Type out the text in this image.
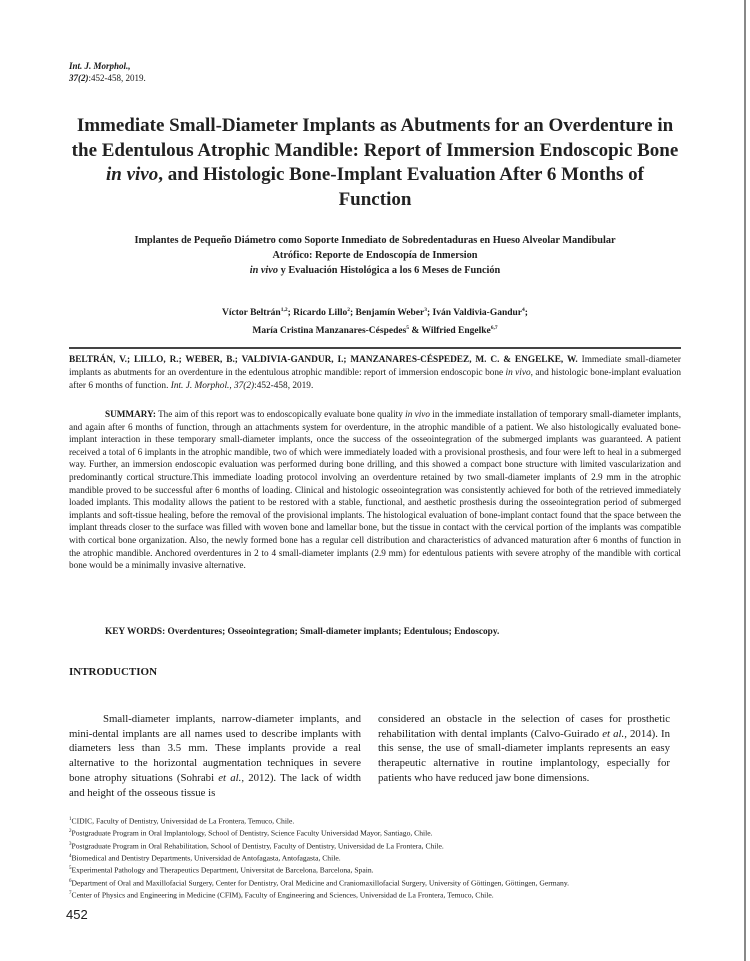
Int. J. Morphol.,
37(2):452-458, 2019.
Immediate Small-Diameter Implants as Abutments for an Overdenture in the Edentulous Atrophic Mandible: Report of Immersion Endoscopic Bone in vivo, and Histologic Bone-Implant Evaluation After 6 Months of Function
Implantes de Pequeño Diámetro como Soporte Inmediato de Sobredentaduras en Hueso Alveolar Mandibular Atrófico: Reporte de Endoscopía de Inmersion
in vivo y Evaluación Histológica a los 6 Meses de Función
Víctor Beltrán$^{1,2}$; Ricardo Lillo$^2$; Benjamín Weber$^3$; Iván Valdivia-Gandur$^4$;
María Cristina Manzanares-Céspedes$^5$ & Wilfried Engelke$^{6,7}$
BELTRÁN, V.; LILLO, R.; WEBER, B.; VALDIVIA-GANDUR, I.; MANZANARES-CÉSPEDEZ, M. C. & ENGELKE, W. Immediate small-diameter implants as abutments for an overdenture in the edentulous atrophic mandible: report of immersion endoscopic bone in vivo, and histologic bone-implant evaluation after 6 months of function. Int. J. Morphol., 37(2):452-458, 2019.
SUMMARY: The aim of this report was to endoscopically evaluate bone quality in vivo in the immediate installation of temporary small-diameter implants, and again after 6 months of function, through an attachments system for overdenture, in the atrophic mandible of a patient. We also histologically evaluated bone-implant interaction in these temporary small-diameter implants, once the success of the osseointegration of the submerged implants was guaranteed. A patient received a total of 6 implants in the atrophic mandible, two of which were immediately loaded with a provisional prosthesis, and four were left to heal in a submerged way. Further, an immersion endoscopic evaluation was performed during bone drilling, and this showed a compact bone structure with limited vascularization and predominantly cortical structure.This immediate loading protocol involving an overdenture retained by two small-diameter implants of 2.9 mm in the atrophic mandible proved to be successful after 6 months of loading. Clinical and histologic osseointegration was consistently achieved for both of the retrieved immediately loaded implants. This modality allows the patient to be restored with a stable, functional, and aesthetic prosthesis during the osseointegration period of submerged implants and soft-tissue healing, before the removal of the provisional implants. The histological evaluation of bone-implant contact found that the space between the implant threads closer to the surface was filled with woven bone and lamellar bone, but the tissue in contact with the cervical portion of the implants was compatible with cortical bone organization. Also, the newly formed bone has a regular cell distribution and characteristics of advanced maturation after 6 months of function in the atrophic mandible. Anchored overdentures in 2 to 4 small-diameter implants (2.9 mm) for edentulous patients with severe atrophy of the mandible with cortical bone would be a minimally invasive alternative.
KEY WORDS: Overdentures; Osseointegration; Small-diameter implants; Edentulous; Endoscopy.
INTRODUCTION
Small-diameter implants, narrow-diameter implants, and mini-dental implants are all names used to describe implants with diameters less than 3.5 mm. These implants provide a real alternative to the horizontal augmentation techniques in severe bone atrophy situations (Sohrabi et al., 2012). The lack of width and height of the osseous tissue is
considered an obstacle in the selection of cases for prosthetic rehabilitation with dental implants (Calvo-Guirado et al., 2014). In this sense, the use of small-diameter implants represents an easy therapeutic alternative in routine implantology, especially for patients who have reduced jaw bone dimensions.
$^1$CIDIC, Faculty of Dentistry, Universidad de La Frontera, Temuco, Chile.
$^2$Postgraduate Program in Oral Implantology, School of Dentistry, Science Faculty Universidad Mayor, Santiago, Chile.
$^3$Postgraduate Program in Oral Rehabilitation, School of Dentistry, Faculty of Dentistry, Universidad de La Frontera, Chile.
$^4$Biomedical and Dentistry Departments, Universidad de Antofagasta, Antofagasta, Chile.
$^5$Experimental Pathology and Therapeutics Department, Universitat de Barcelona, Barcelona, Spain.
$^6$Department of Oral and Maxillofacial Surgery, Center for Dentistry, Oral Medicine and Craniomaxillofacial Surgery, University of Göttingen, Göttingen, Germany.
$^7$Center of Physics and Engineering in Medicine (CFIM), Faculty of Engineering and Sciences, Universidad de La Frontera, Temuco, Chile.
452
